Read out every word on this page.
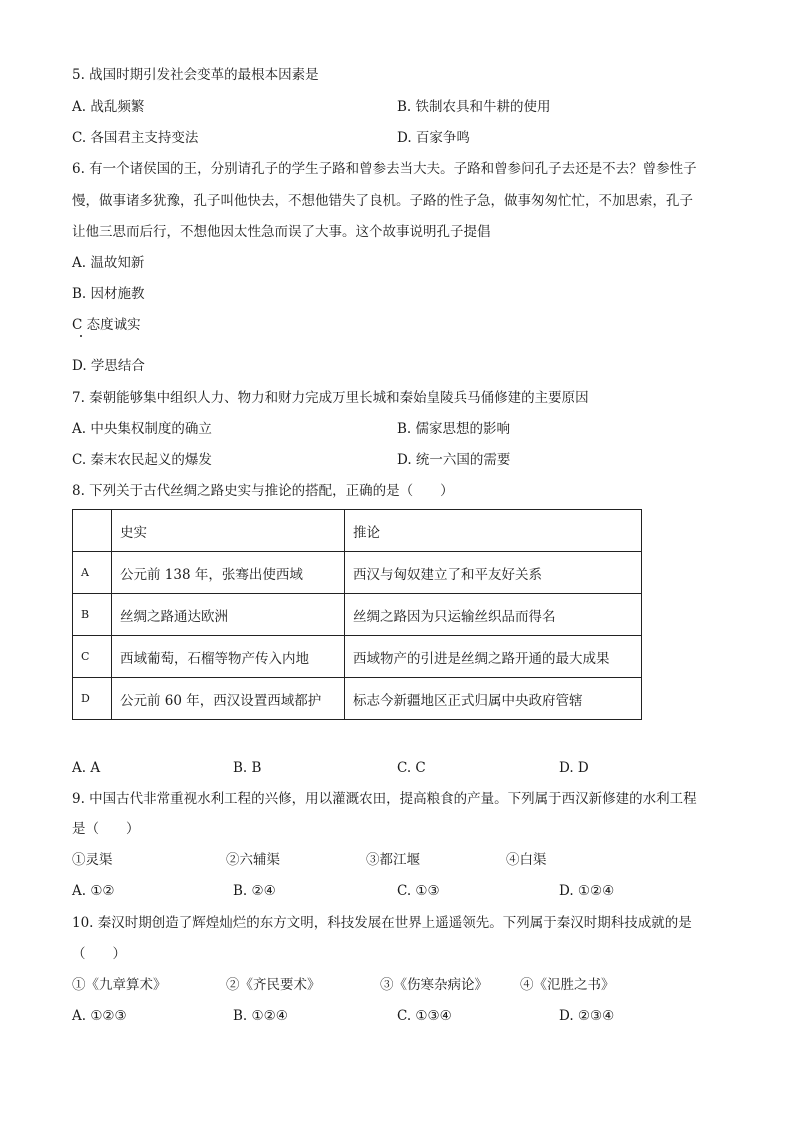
5. 战国时期引发社会变革的最根本因素是
A. 战乱频繁	B. 铁制农具和牛耕的使用
C. 各国君主支持变法	D. 百家争鸣
6. 有一个诸侯国的王，分别请孔子的学生子路和曾参去当大夫。子路和曾参问孔子去还是不去？曾参性子
慢，做事诸多犹豫，孔子叫他快去，不想他错失了良机。子路的性子急，做事匆匆忙忙，不加思索，孔子
让他三思而后行，不想他因太性急而误了大事。这个故事说明孔子提倡
A. 温故知新
B. 因材施教
C 态度诚实
D. 学思结合
7. 秦朝能够集中组织人力、物力和财力完成万里长城和秦始皇陵兵马俑修建的主要原因
A. 中央集权制度的确立	B. 儒家思想的影响
C. 秦末农民起义的爆发	D. 统一六国的需要
8. 下列关于古代丝绸之路史实与推论的搭配，正确的是（　　）
	史实	推论
A	公元前 138 年，张骞出使西域	西汉与匈奴建立了和平友好关系
B	丝绸之路通达欧洲	丝绸之路因为只运输丝织品而得名
C	西域葡萄，石榴等物产传入内地	西域物产的引进是丝绸之路开通的最大成果
D	公元前 60 年，西汉设置西域都护	标志今新疆地区正式归属中央政府管辖
A. A	B. B	C. C	D. D
9. 中国古代非常重视水利工程的兴修，用以灌溉农田，提高粮食的产量。下列属于西汉新修建的水利工程
是（　　）
①灵渠	②六辅渠	③都江堰	④白渠
A. ①②	B. ②④	C. ①③	D. ①②④
10. 秦汉时期创造了辉煌灿烂的东方文明，科技发展在世界上遥遥领先。下列属于秦汉时期科技成就的是
（　　）
①《九章算术》	②《齐民要术》	③《伤寒杂病论》 ④《氾胜之书》
A. ①②③	B. ①②④	C. ①③④	D. ②③④
